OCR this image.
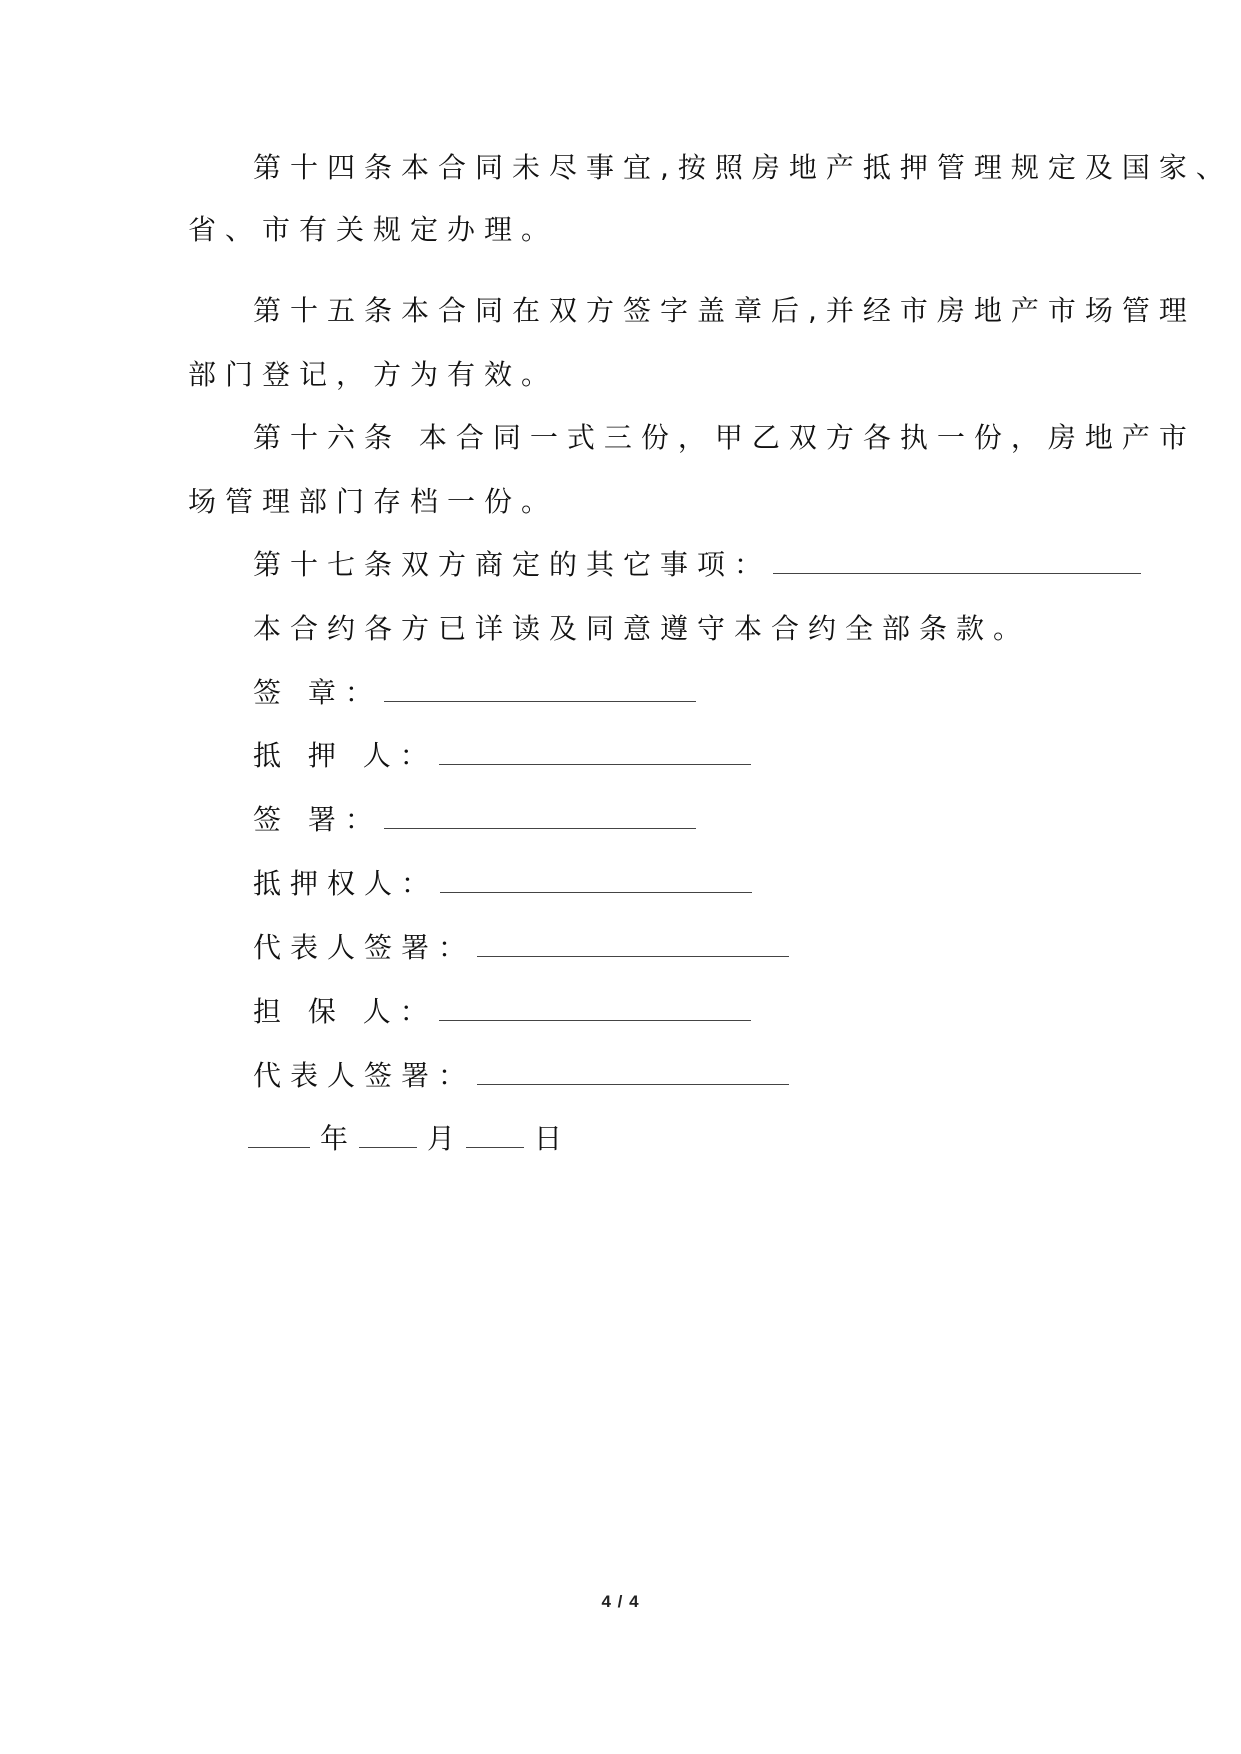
第十四条本合同未尽事宜,按照房地产抵押管理规定及国家、
省、市有关规定办理。
第十五条本合同在双方签字盖章后,并经市房地产市场管理
部门登记，方为有效。
第十六条 本合同一式三份，甲乙双方各执一份，房地产市
场管理部门存档一份。
第十七条双方商定的其它事项：
本合约各方已详读及同意遵守本合约全部条款。
签 章：
抵 押 人：
签 署：
抵押权人：
代表人签署：
担 保 人：
代表人签署：
年	月	日
4 / 4
